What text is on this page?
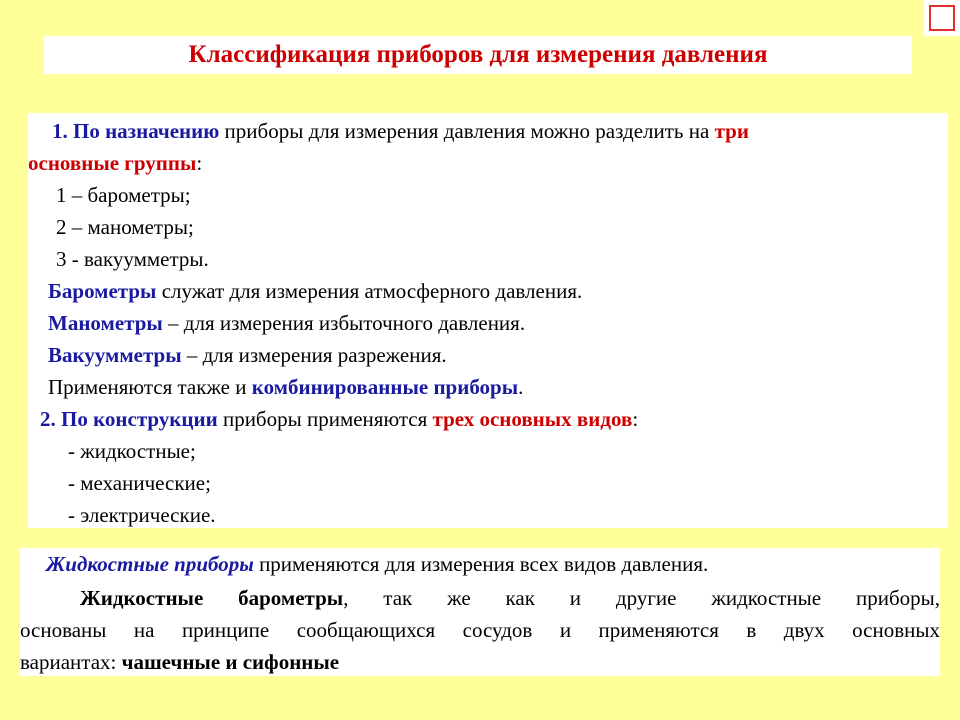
Классификация приборов для измерения давления
1. По назначению приборы для измерения давления можно разделить на три
основные группы:
1 – барометры;
2 – манометры;
3 - вакуумметры.
Барометры служат для измерения атмосферного давления.
Манометры – для измерения избыточного давления.
Вакуумметры – для измерения разрежения.
Применяются также и комбинированные приборы.
2. По конструкции приборы применяются трех основных видов:
- жидкостные;
- механические;
- электрические.
Жидкостные приборы применяются для измерения всех видов давления.
Жидкостные барометры, так же как и другие жидкостные приборы,
основаны на принципе сообщающихся сосудов и применяются в двух основных
вариантах: чашечные и сифонные
